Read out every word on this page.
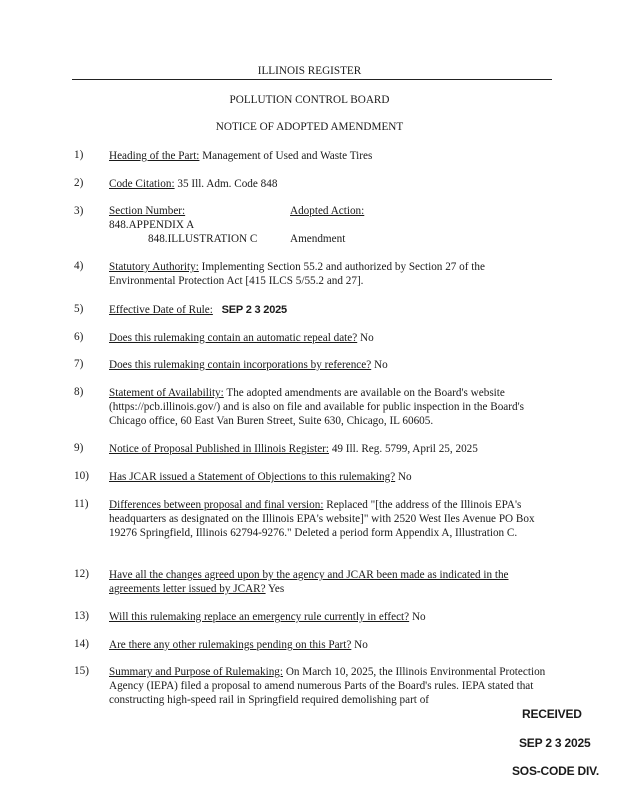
ILLINOIS REGISTER
POLLUTION CONTROL BOARD
NOTICE OF ADOPTED AMENDMENT
1) Heading of the Part: Management of Used and Waste Tires
2) Code Citation: 35 Ill. Adm. Code 848
3) Section Number:	Adopted Action:
848.APPENDIX A
848.ILLUSTRATION C	Amendment
4) Statutory Authority: Implementing Section 55.2 and authorized by Section 27 of the Environmental Protection Act [415 ILCS 5/55.2 and 27].
5) Effective Date of Rule: SEP 2 3 2025
6) Does this rulemaking contain an automatic repeal date? No
7) Does this rulemaking contain incorporations by reference? No
8) Statement of Availability: The adopted amendments are available on the Board's website (https://pcb.illinois.gov/) and is also on file and available for public inspection in the Board's Chicago office, 60 East Van Buren Street, Suite 630, Chicago, IL 60605.
9) Notice of Proposal Published in Illinois Register: 49 Ill. Reg. 5799, April 25, 2025
10) Has JCAR issued a Statement of Objections to this rulemaking? No
11) Differences between proposal and final version: Replaced "[the address of the Illinois EPA's headquarters as designated on the Illinois EPA's website]" with 2520 West Iles Avenue PO Box 19276 Springfield, Illinois 62794-9276." Deleted a period form Appendix A, Illustration C.
12) Have all the changes agreed upon by the agency and JCAR been made as indicated in the agreements letter issued by JCAR? Yes
13) Will this rulemaking replace an emergency rule currently in effect? No
14) Are there any other rulemakings pending on this Part? No
15) Summary and Purpose of Rulemaking: On March 10, 2025, the Illinois Environmental Protection Agency (IEPA) filed a proposal to amend numerous Parts of the Board's rules. IEPA stated that constructing high-speed rail in Springfield required demolishing part of
RECEIVED
SEP 2 3 2025
SOS-CODE DIV.
